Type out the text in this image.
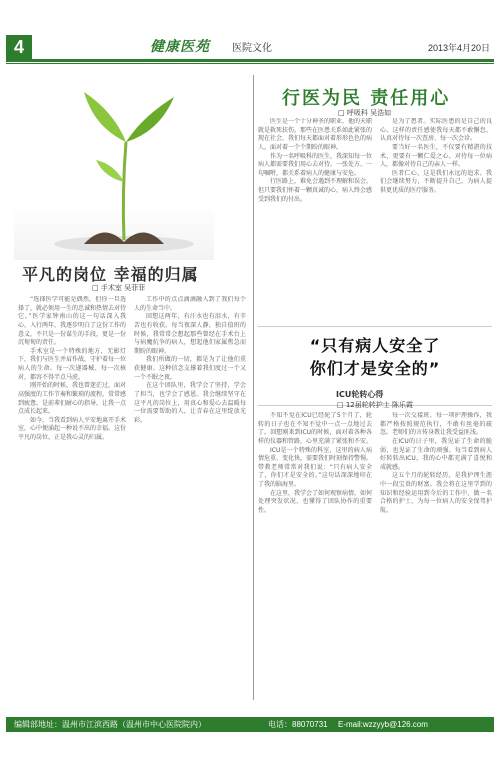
4	健康医苑 医院文化	2013年4月20日
平凡的岗位 幸福的归属
□ 手术室 吴菲菲

“选择医学可能是偶然，但你一旦选择了，就必须用一生的忠诚和热情去对待它。”医学家钟南山的这一句话深入我心，入行两年，我逐步明白了这份工作的意义，不只是一份谋生的手段，更是一份沉甸甸的责任。

手术室是一个特殊的地方，无影灯下，我们与医生并肩作战，守护着每一位病人的生命。每一次递器械、每一次核对，都容不得半点马虎。

刚开始的时候，我也曾迷茫过，面对高强度的工作节奏和繁琐的流程，常常感到疲惫。是前辈们耐心的指导，让我一点点成长起来。

如今，当我看到病人平安地离开手术室，心中便涌起一种说不出的幸福。这份平凡的岗位，正是我心灵的归属。

工作中的点点滴滴融入到了我们每个人的生命当中。

回想这两年，有汗水也有泪水，有辛苦也有收获。每当夜深人静，独自值班的时候，我常常会想起那些曾经在手术台上与病魔抗争的病人，想起他们家属焦急而期盼的眼神。

我们所做的一切，都是为了让他们重获健康。这种信念支撑着我们度过一个又一个不眠之夜。

在这个团队里，我学会了坚持，学会了担当，也学会了感恩。我会继续坚守在这平凡的岗位上，用真心和爱心去温暖每一位需要帮助的人，让青春在这里绽放光彩。

行医为民 责任用心
□ 呼吸科 吴浩如

医生是一个十分神圣的职业，他的天职就是救死扶伤。那些在医患关系如此紧张的现在社会，我们每天都面对着形形色色的病人，面对着一个个期盼的眼神。

作为一名呼吸科的医生，我深知每一位病人都需要我们用心去对待。一张处方、一句嘱咐，都关系着病人的健康与安危。

行医路上，难免会遇到不理解和误会，但只要我们怀着一颗真诚的心，病人终会感受到我们的付出。

是为了患者。实际医患的是自己的良心。这样的责任感使我每天都不敢懈怠，认真对待每一次查房、每一次会诊。

要当好一名医生，不仅要有精湛的技术，更要有一颗仁爱之心。对待每一位病人，都像对待自己的亲人一样。

医者仁心，这是我们永远的追求。我们会继续努力，不断提升自己，为病人提供更优质的医疗服务。

“只有病人安全了
你们才是安全的”
ICU轮转心得
□ 12届轮转护士 陈乐霞

不知不觉在ICU已经轮了5个月了，轮转的日子也在不知不觉中一点一点地过去了。回想刚来到ICU的时候，面对着各种各样的仪器和管路，心里充满了紧张和不安。

ICU是一个特殊的科室，这里的病人病情危重、变化快，需要我们时刻保持警惕。带教老师常常对我们说：“只有病人安全了，你们才是安全的。”这句话深深地印在了我的脑海里。

在这里，我学会了如何观察病情，如何处理突发状况，也懂得了团队协作的重要性。

每一次交接班、每一项护理操作，我都严格按照规范执行，不敢有丝毫的疏忽。老师们的言传身教让我受益匪浅。

在ICU的日子里，我见证了生命的脆弱，也见证了生命的顽强。每当看到病人好转转出ICU，我的心中都充满了喜悦和成就感。

这五个月的轮转经历，是我护理生涯中一段宝贵的财富。我会将在这里学到的知识和经验运用到今后的工作中，做一名合格的护士，为每一位病人的安全保驾护航。

编辑部地址：温州市江滨西路（温州市中心医院院内）	电话：88070731 E-mail:wzzyyb@126.com
